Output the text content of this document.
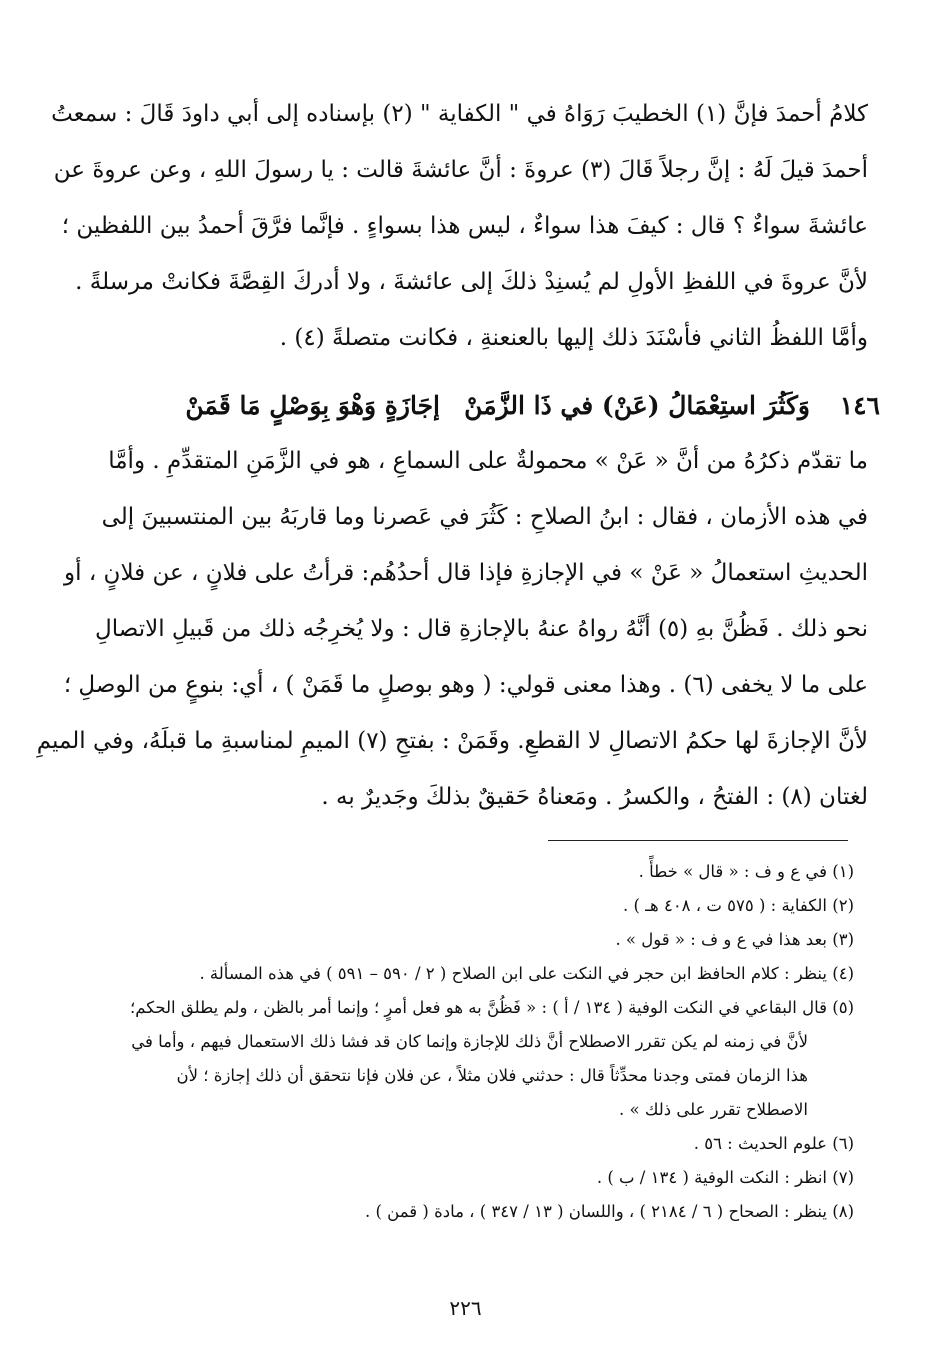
كلامُ أحمدَ فإنَّ (١) الخطيبَ رَوَاهُ في " الكفاية " (٢) بإسناده إلى أبي داودَ قَالَ : سمعتُ
أحمدَ قيلَ لَهُ : إنَّ رجلاً قَالَ (٣) عروةَ : أنَّ عائشةَ قالت : يا رسولَ اللهِ ، وعن عروةَ عن
عائشةَ سواءٌ ؟ قال : كيفَ هذا سواءٌ ، ليس هذا بسواءٍ . فإنَّما فرَّقَ أحمدُ بين اللفظين ؛
لأنَّ عروةَ في اللفظِ الأولِ لم يُسنِدْ ذلكَ إلى عائشةَ ، ولا أدركَ القِصَّةَ فكانتْ مرسلةً .
وأمَّا اللفظُ الثاني فأسْنَدَ ذلك إليها بالعنعنةِ ، فكانت متصلةً (٤) .
١٤٦
وَكَثُرَ استِعْمَالُ (عَنْ) في ذَا الزَّمَنْ
إجَازَةٍ وَهْوَ بِوَصْلٍ مَا قَمَنْ
ما تقدّم ذكرُهُ من أنَّ « عَنْ » محمولةٌ على السماعِ ، هو في الزَّمَنِ المتقدِّمِ . وأمَّا
في هذه الأزمان ، فقال : ابنُ الصلاحِ : كَثُرَ في عَصرنا وما قاربَهُ بين المنتسبينَ إلى
الحديثِ استعمالُ « عَنْ » في الإجازةِ فإذا قال أحدُهُم: قرأتُ على فلانٍ ، عن فلانٍ ، أو
نحو ذلك . فَظُنَّ بهِ (٥) أنَّهُ رواهُ عنهُ بالإجازةِ قال : ولا يُخرِجُه ذلك من قَبيلِ الاتصالِ
على ما لا يخفى (٦) . وهذا معنى قولي: ( وهو بوصلٍ ما قَمَنْ ) ، أي: بنوعٍ من الوصلِ ؛
لأنَّ الإجازةَ لها حكمُ الاتصالِ لا القطعِ. وقَمَنْ : بفتحِ (٧) الميمِ لمناسبةِ ما قبلَهُ، وفي الميمِ
لغتان (٨) : الفتحُ ، والكسرُ . ومَعناهُ حَقيقٌ بذلكَ وجَديرٌ به .
(١) في ع و ف : « قال » خطأً .
(٢) الكفاية : ( ٥٧٥ ت ، ٤٠٨ هـ ) .
(٣) بعد هذا في ع و ف : « قول » .
(٤) ينظر : كلام الحافظ ابن حجر في النكت على ابن الصلاح ( ٢ / ٥٩٠ – ٥٩١ ) في هذه المسألة .
(٥) قال البقاعي في النكت الوفية ( ١٣٤ / أ ) : « فَظُنَّ به هو فعل أمرٍ ؛ وإنما أمر بالظن ، ولم يطلق الحكم؛
لأنَّ في زمنه لم يكن تقرر الاصطلاح أنَّ ذلك للإجازة وإنما كان قد فشا ذلك الاستعمال فيهم ، وأما في
هذا الزمان فمتى وجدنا محدِّثاً قال : حدثني فلان مثلاً ، عن فلان فإنا نتحقق أن ذلك إجازة ؛ لأن
الاصطلاح تقرر على ذلك » .
(٦) علوم الحديث : ٥٦ .
(٧) انظر : النكت الوفية ( ١٣٤ / ب ) .
(٨) ينظر : الصحاح ( ٦ / ٢١٨٤ ) ، واللسان ( ١٣ / ٣٤٧ ) ، مادة ( قمن ) .
٢٢٦
